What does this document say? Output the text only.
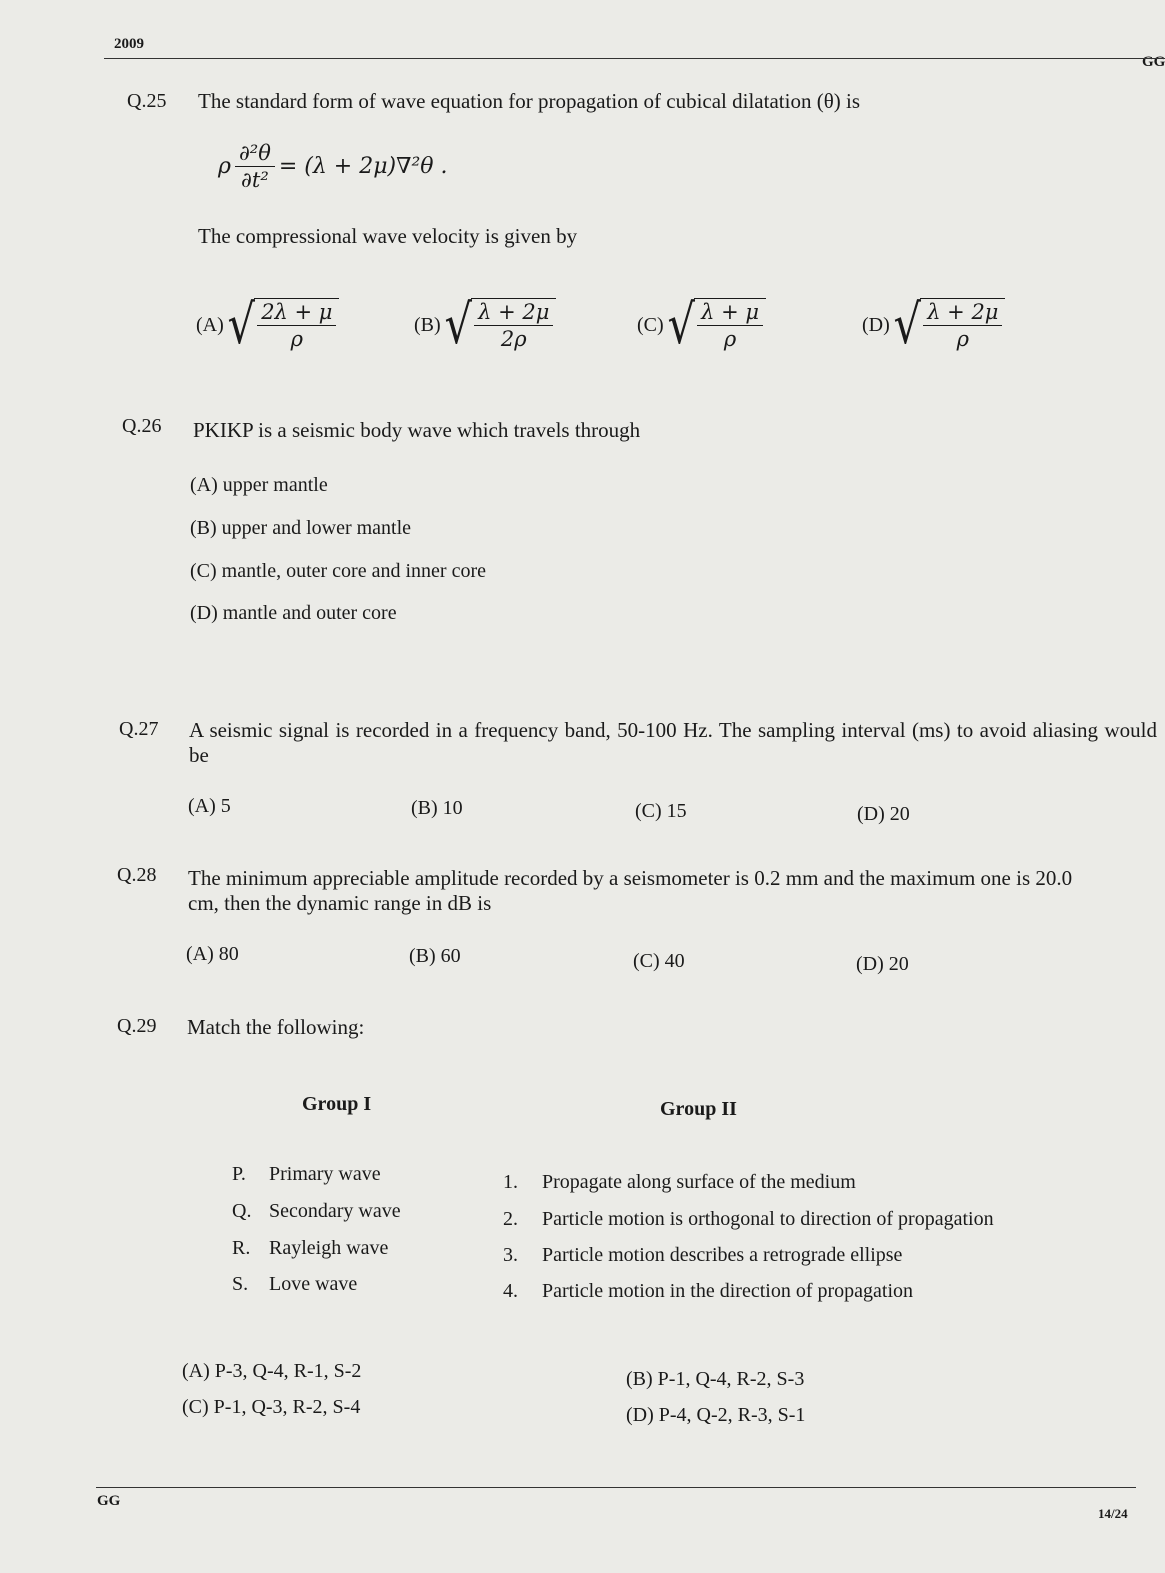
2009
GG
Q.25 The standard form of wave equation for propagation of cubical dilatation (θ) is
ρ $\frac{\text{∂²θ}}{\text{∂t²}} = (\lambda + 2\mu)\nabla^2\theta$ .
The compressional wave velocity is given by
(A) √ $\frac{2\lambda + \mu}{\rho}$	(B) √ $\frac{\lambda + 2\mu}{2\rho}$	(C) √ $\frac{\lambda + \mu}{\rho}$	(D) √ $\frac{\lambda + 2\mu}{\rho}$
Q.26 PKIKP is a seismic body wave which travels through
(A) upper mantle
(B) upper and lower mantle
(C) mantle, outer core and inner core
(D) mantle and outer core
Q.27 A seismic signal is recorded in a frequency band, 50-100 Hz. The sampling interval (ms) to avoid aliasing would be
(A) 5	(B) 10	(C) 15	(D) 20
Q.28 The minimum appreciable amplitude recorded by a seismometer is 0.2 mm and the maximum one is 20.0 cm, then the dynamic range in dB is
(A) 80	(B) 60	(C) 40	(D) 20
Q.29 Match the following:
Group I	Group II
P. Primary wave
Q. Secondary wave
R. Rayleigh wave
S. Love wave
1. Propagate along surface of the medium
2. Particle motion is orthogonal to direction of propagation
3. Particle motion describes a retrograde ellipse
4. Particle motion in the direction of propagation
(A) P-3, Q-4, R-1, S-2	(B) P-1, Q-4, R-2, S-3
(C) P-1, Q-3, R-2, S-4	(D) P-4, Q-2, R-3, S-1
GG
14/24
